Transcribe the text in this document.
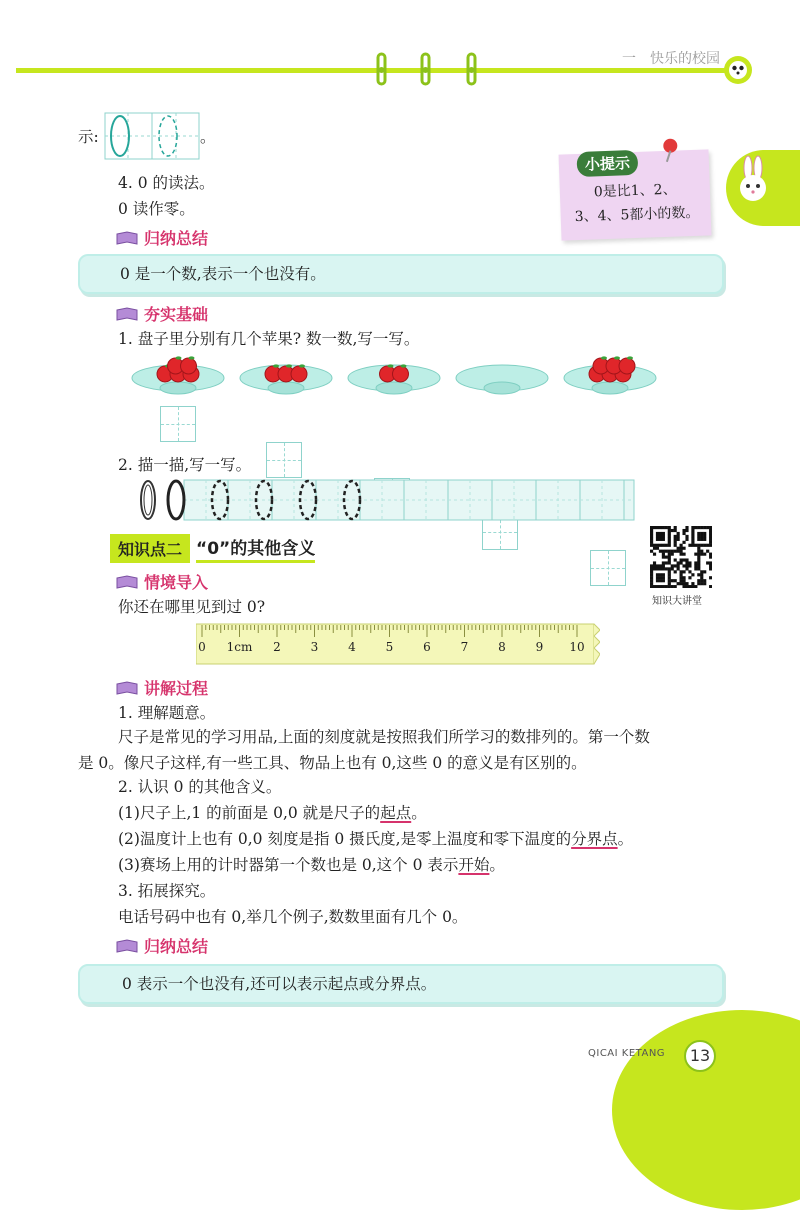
一　快乐的校园
示:	。
4. 0 的读法。
0 读作零。
小提示
0是比1、2、
3、4、5都小的数。
归纳总结
0 是一个数,表示一个也没有。
夯实基础
1. 盘子里分别有几个苹果? 数一数,写一写。
2. 描一描,写一写。
知识点二 “0”的其他含义
知识大讲堂
情境导入
你还在哪里见到过 0?
0 1cm 2 3 4 5 6 7 8 9 10
讲解过程
1. 理解题意。
尺子是常见的学习用品,上面的刻度就是按照我们所学习的数排列的。第一个数
是 0。像尺子这样,有一些工具、物品上也有 0,这些 0 的意义是有区别的。
2. 认识 0 的其他含义。
(1)尺子上,1 的前面是 0,0 就是尺子的起点。
(2)温度计上也有 0,0 刻度是指 0 摄氏度,是零上温度和零下温度的分界点。
(3)赛场上用的计时器第一个数也是 0,这个 0 表示开始。
3. 拓展探究。
电话号码中也有 0,举几个例子,数数里面有几个 0。
归纳总结
0 表示一个也没有,还可以表示起点或分界点。
QICAI KETANG	13
